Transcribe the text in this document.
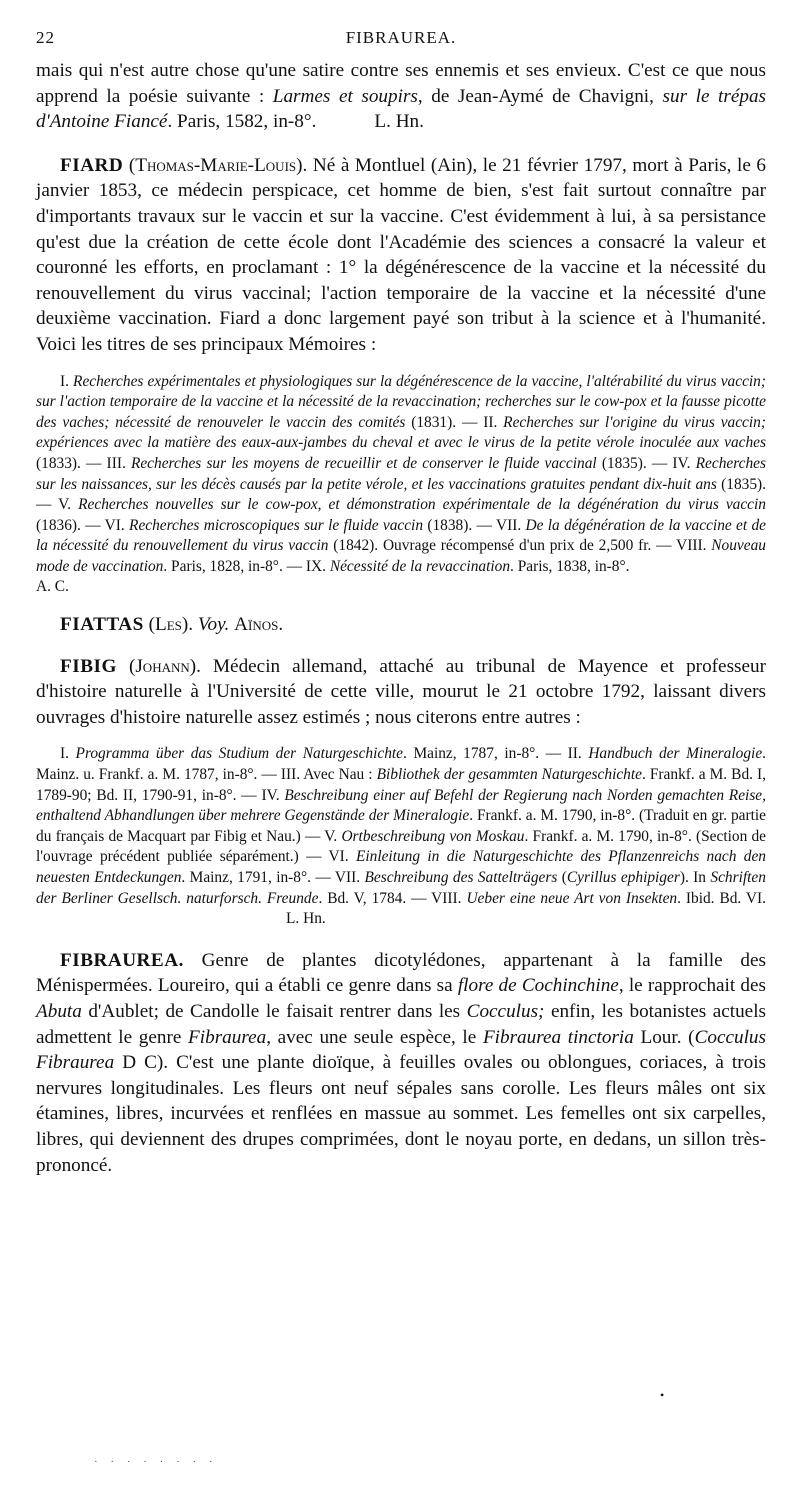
22	FIBRAUREA.

mais qui n'est autre chose qu'une satire contre ses ennemis et ses envieux. C'est ce que nous apprend la poésie suivante : Larmes et soupirs, de Jean-Aymé de Chavigni, sur le trépas d'Antoine Fiancé. Paris, 1582, in-8°.	L. Hn.

FIARD (Thomas-Marie-Louis). Né à Montluel (Ain), le 21 février 1797, mort à Paris, le 6 janvier 1853, ce médecin perspicace, cet homme de bien, s'est fait surtout connaître par d'importants travaux sur le vaccin et sur la vaccine. C'est évidemment à lui, à sa persistance qu'est due la création de cette école dont l'Académie des sciences a consacré la valeur et couronné les efforts, en proclamant : 1° la dégénérescence de la vaccine et la nécessité du renouvellement du virus vaccinal; l'action temporaire de la vaccine et la nécessité d'une deuxième vaccination. Fiard a donc largement payé son tribut à la science et à l'humanité. Voici les titres de ses principaux Mémoires :

I. Recherches expérimentales et physiologiques sur la dégénérescence de la vaccine, l'altérabilité du virus vaccin; sur l'action temporaire de la vaccine et la nécessité de la revaccination; recherches sur le cow-pox et la fausse picotte des vaches; nécessité de renouveler le vaccin des comités (1831). — II. Recherches sur l'origine du virus vaccin; expériences avec la matière des eaux-aux-jambes du cheval et avec le virus de la petite vérole inoculée aux vaches (1833). — III. Recherches sur les moyens de recueillir et de conserver le fluide vaccinal (1835). — IV. Recherches sur les naissances, sur les décès causés par la petite vérole, et les vaccinations gratuites pendant dix-huit ans (1835). — V. Recherches nouvelles sur le cow-pox, et démonstration expérimentale de la dégénération du virus vaccin (1836). — VI. Recherches microscopiques sur le fluide vaccin (1838). — VII. De la dégénération de la vaccine et de la nécessité du renouvellement du virus vaccin (1842). Ouvrage récompensé d'un prix de 2,500 fr. — VIII. Nouveau mode de vaccination. Paris, 1828, in-8°. — IX. Nécessité de la revaccination. Paris, 1838, in-8°.

A. C.

FIATTAS (Les). Voy. Aïnos.

FIBIG (Johann). Médecin allemand, attaché au tribunal de Mayence et professeur d'histoire naturelle à l'Université de cette ville, mourut le 21 octobre 1792, laissant divers ouvrages d'histoire naturelle assez estimés ; nous citerons entre autres :

I. Programma über das Studium der Naturgeschichte. Mainz, 1787, in-8°. — II. Handbuch der Mineralogie. Mainz. u. Frankf. a. M. 1787, in-8°. — III. Avec Nau : Bibliothek der gesammten Naturgeschichte. Frankf. a M. Bd. I, 1789-90; Bd. II, 1790-91, in-8°. — IV. Beschreibung einer auf Befehl der Regierung nach Norden gemachten Reise, enthaltend Abhandlungen über mehrere Gegenstände der Mineralogie. Frankf. a. M. 1790, in-8°. (Traduit en gr. partie du français de Macquart par Fibig et Nau.) — V. Ortbeschreibung von Moskau. Frankf. a. M. 1790, in-8°. (Section de l'ouvrage précédent publiée séparément.) — VI. Einleitung in die Naturgeschichte des Pflanzenreichs nach den neuesten Entdeckungen. Mainz, 1791, in-8°. — VII. Beschreibung des Sattelträgers (Cyrillus ephipiger). In Schriften der Berliner Gesellsch. naturforsch. Freunde. Bd. V, 1784. — VIII. Ueber eine neue Art von Insekten. Ibid. Bd. VI.L. Hn.

FIBRAUREA. Genre de plantes dicotylédones, appartenant à la famille des Ménispermées. Loureiro, qui a établi ce genre dans sa flore de Cochinchine, le rapprochait des Abuta d'Aublet; de Candolle le faisait rentrer dans les Cocculus; enfin, les botanistes actuels admettent le genre Fibraurea, avec une seule espèce, le Fibraurea tinctoria Lour. (Cocculus Fibraurea D C). C'est une plante dioïque, à feuilles ovales ou oblongues, coriaces, à trois nervures longitudinales. Les fleurs ont neuf sépales sans corolle. Les fleurs mâles ont six étamines, libres, incurvées et renflées en massue au sommet. Les femelles ont six carpelles, libres, qui deviennent des drupes comprimées, dont le noyau porte, en dedans, un sillon très-prononcé.

•
· · · · · · · ·
